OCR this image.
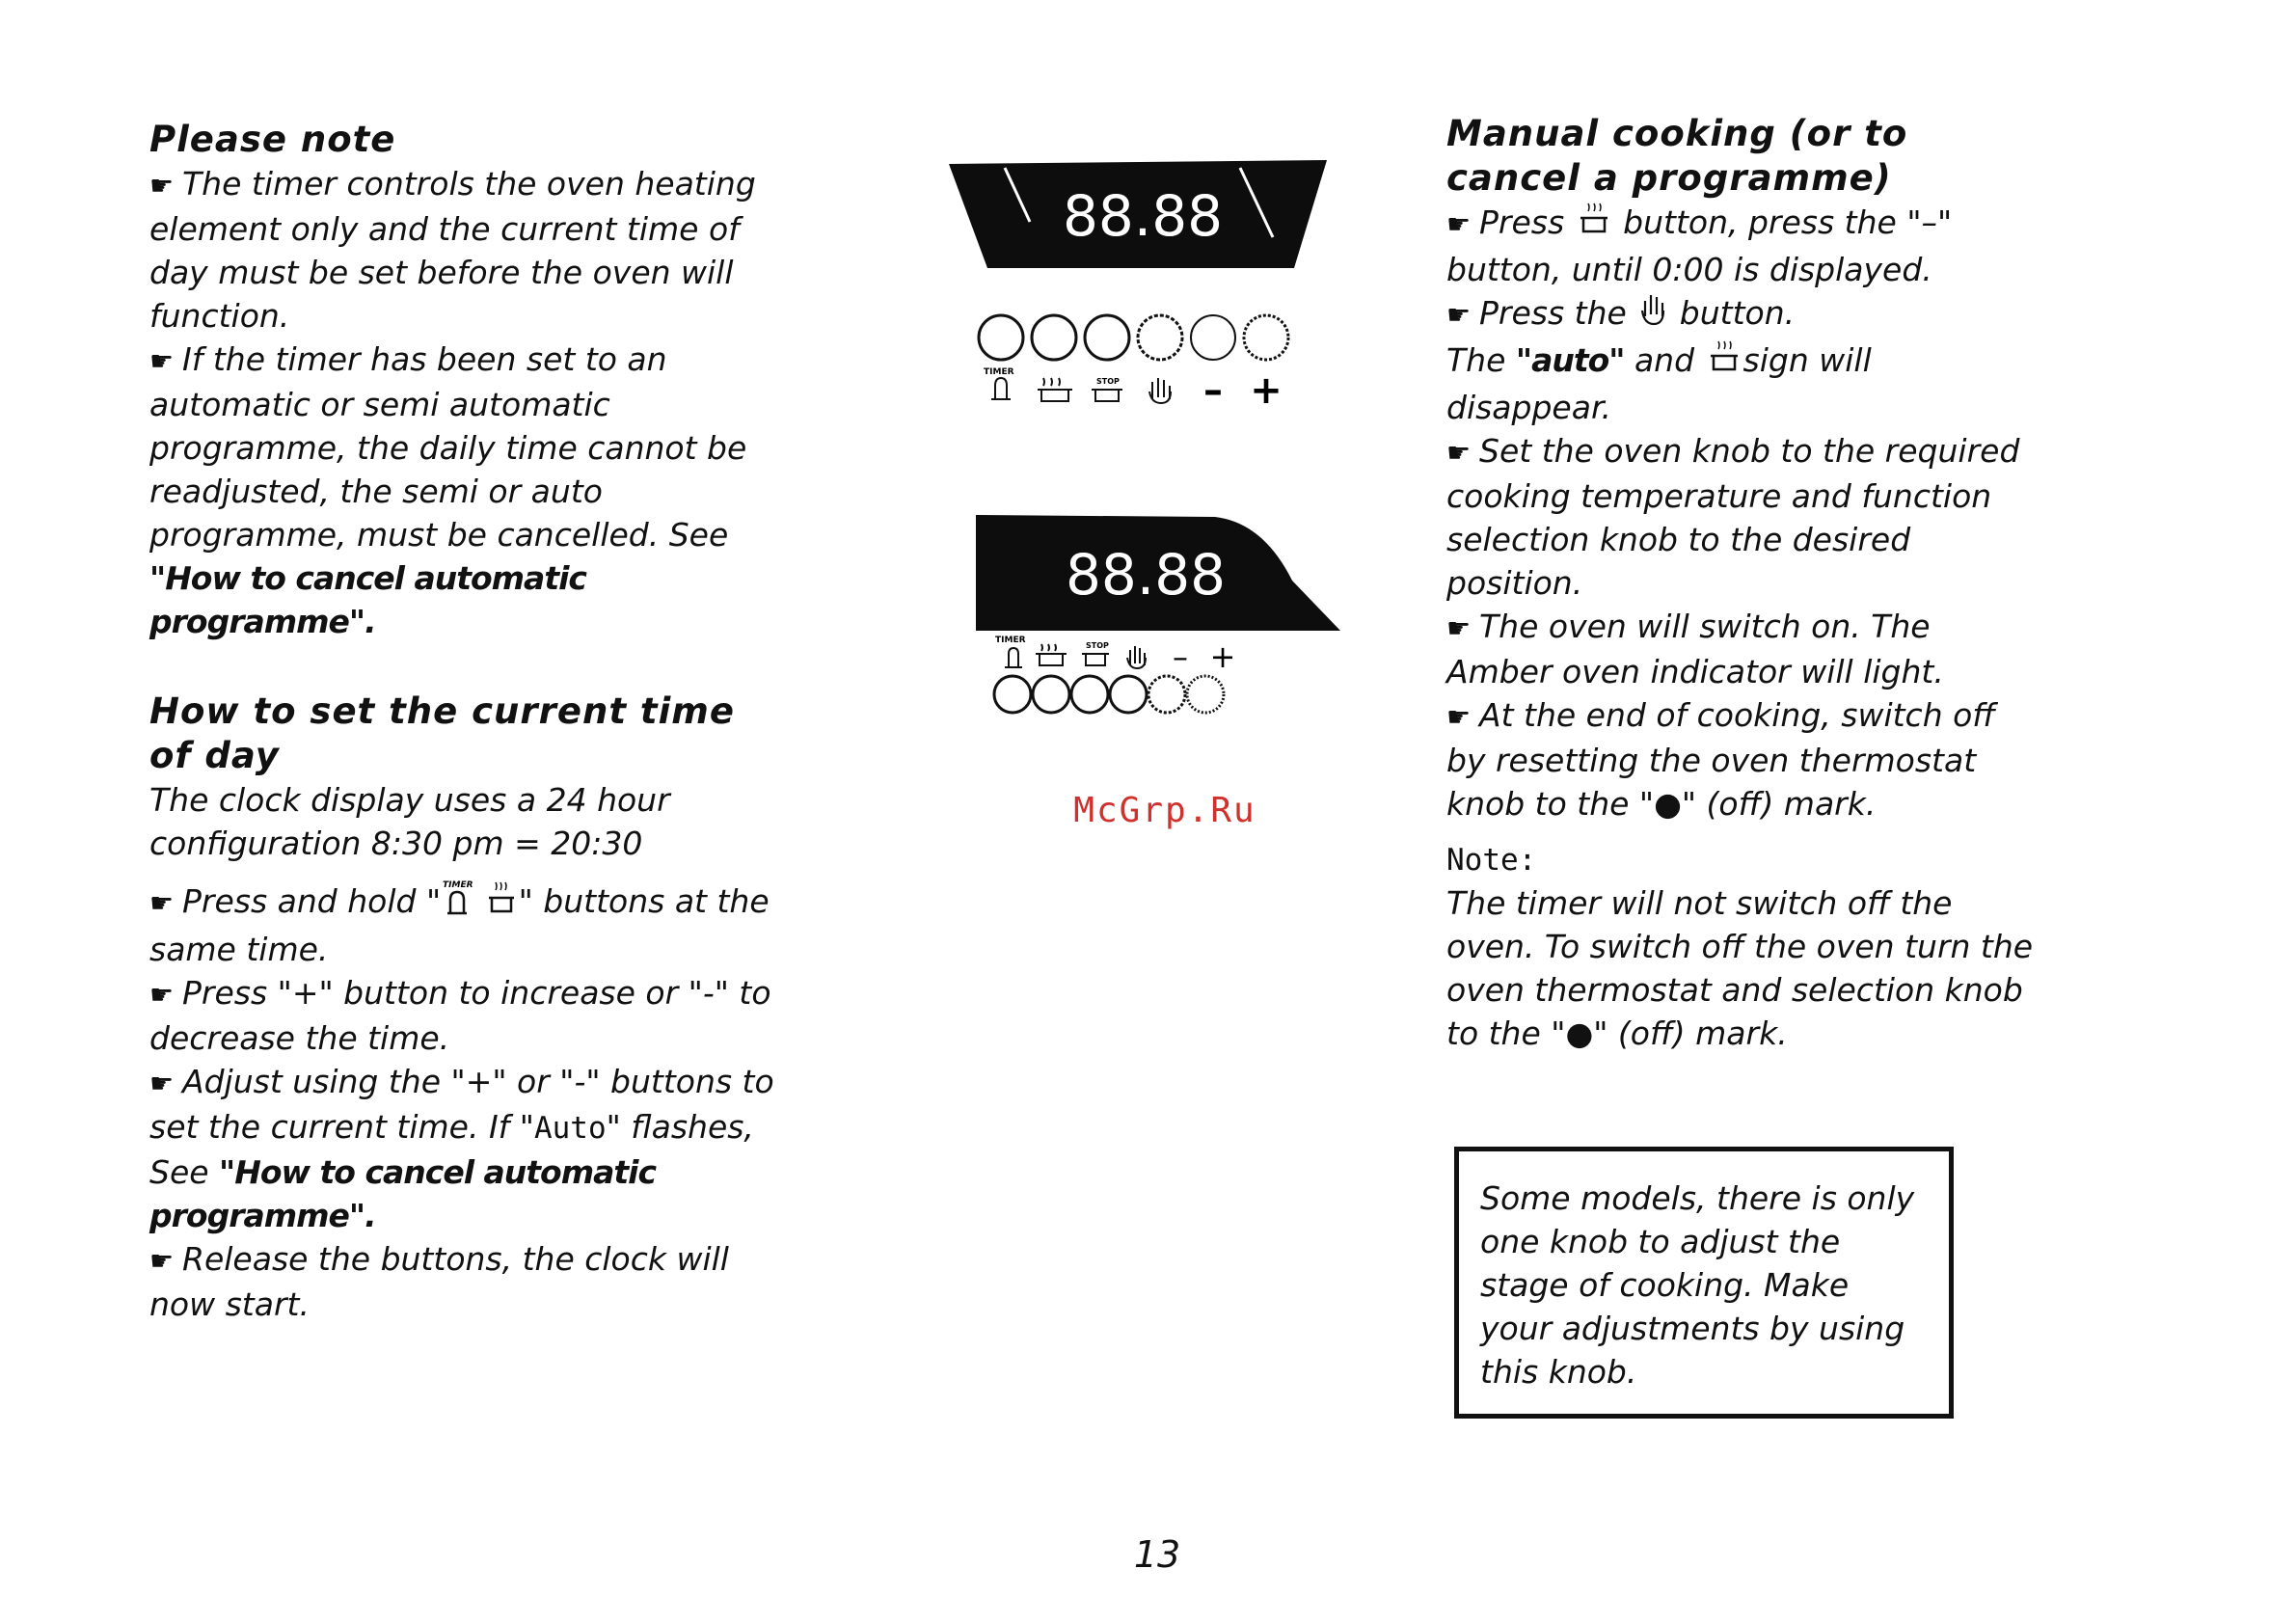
Please note

☛ The timer controls the oven heating element only and the current time of day must be set before the oven will function.

☛ If the timer has been set to an automatic or semi automatic programme, the daily time cannot be readjusted, the semi or auto programme, must be cancelled. See "How to cancel automatic programme".

How to set the current time of day

The clock display uses a 24 hour configuration 8:30 pm = 20:30

☛ Press and hold " TIMER " buttons at the same time.

☛ Press "+" button to increase or "-" to decrease the time.

☛ Adjust using the "+" or "-" buttons to set the current time. If "Auto" flashes, See "How to cancel automatic programme".

☛ Release the buttons, the clock will now start.

88.88
TIMER
STOP – +
88.88
TIMER
STOP – +
McGrp.Ru
Manual cooking (or to cancel a programme)

☛ Press  button, press the "–" button, until 0:00 is displayed.

☛ Press the  button.

The "auto" and sign will disappear.

☛ Set the oven knob to the required cooking temperature and function selection knob to the desired position.

☛ The oven will switch on. The Amber oven indicator will light.

☛ At the end of cooking, switch off by resetting the oven thermostat knob to the "●" (off) mark.

Note:

The timer will not switch off the oven. To switch off the oven turn the oven thermostat and selection knob to the "●" (off) mark.

Some models, there is only one knob to adjust the stage of cooking. Make your adjustments by using this knob.

13
